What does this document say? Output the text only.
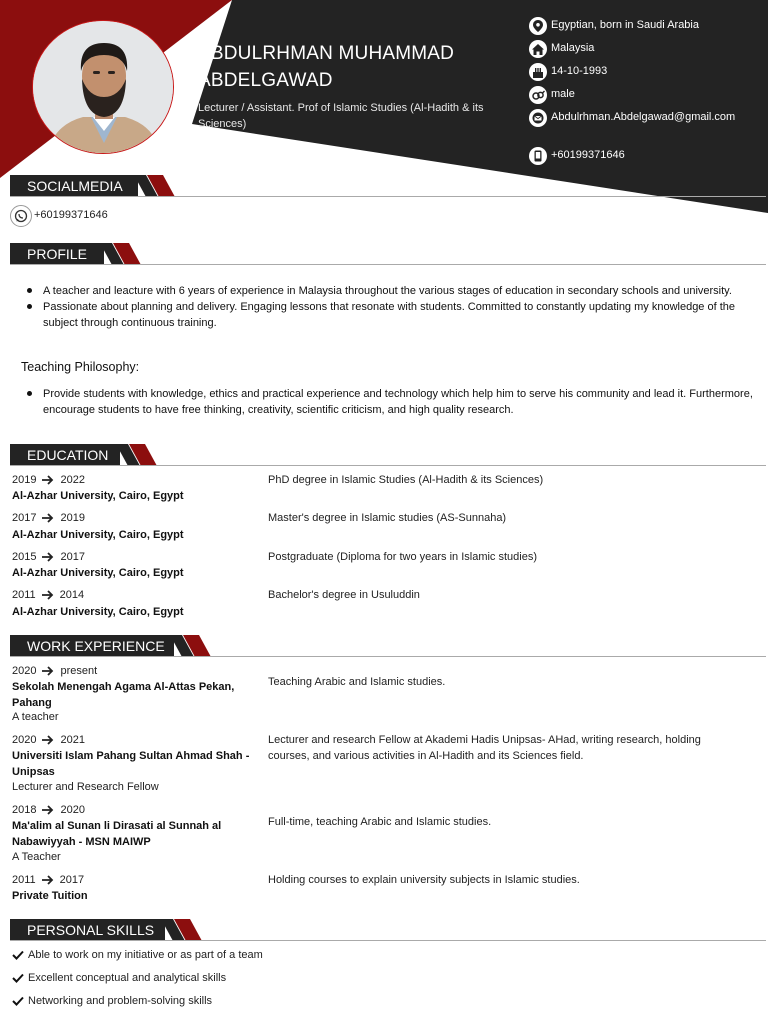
ABDULRHMAN MUHAMMAD ABDELGAWAD
Lecturer / Assistant. Prof of Islamic Studies (Al-Hadith & its Sciences)
Egyptian, born in Saudi Arabia
Malaysia
14-10-1993
male
Abdulrhman.Abdelgawad@gmail.com
+60199371646
SOCIALMEDIA
+60199371646
PROFILE
A teacher and leacture with 6 years of experience in Malaysia throughout the various stages of education in secondary schools and university.
Passionate about planning and delivery. Engaging lessons that resonate with students. Committed to constantly updating my knowledge of the subject through continuous training.
Teaching Philosophy:
Provide students with knowledge, ethics and practical experience and technology which help him to serve his community and lead it. Furthermore, encourage students to have free thinking, creativity, scientific criticism, and high quality research.
EDUCATION
2019 2022
Al-Azhar University, Cairo, Egypt
PhD degree in Islamic Studies (Al-Hadith & its Sciences)
2017 2019
Al-Azhar University, Cairo, Egypt
Master's degree in Islamic studies (AS-Sunnaha)
2015 2017
Al-Azhar University, Cairo, Egypt
Postgraduate (Diploma for two years in Islamic studies)
2011 2014
Al-Azhar University, Cairo, Egypt
Bachelor's degree in Usuluddin
WORK EXPERIENCE
2020 present
Sekolah Menengah Agama Al-Attas Pekan, Pahang
A teacher
Teaching Arabic and Islamic studies.
2020 2021
Universiti Islam Pahang Sultan Ahmad Shah - Unipsas
Lecturer and Research Fellow
Lecturer and research Fellow at Akademi Hadis Unipsas- AHad, writing research, holding courses, and various activities in Al-Hadith and its Sciences field.
2018 2020
Ma'alim al Sunan li Dirasati al Sunnah al Nabawiyyah - MSN MAIWP
A Teacher
Full-time, teaching Arabic and Islamic studies.
2011 2017
Private Tuition
Holding courses to explain university subjects in Islamic studies.
PERSONAL SKILLS
Able to work on my initiative or as part of a team
Excellent conceptual and analytical skills
Networking and problem-solving skills
